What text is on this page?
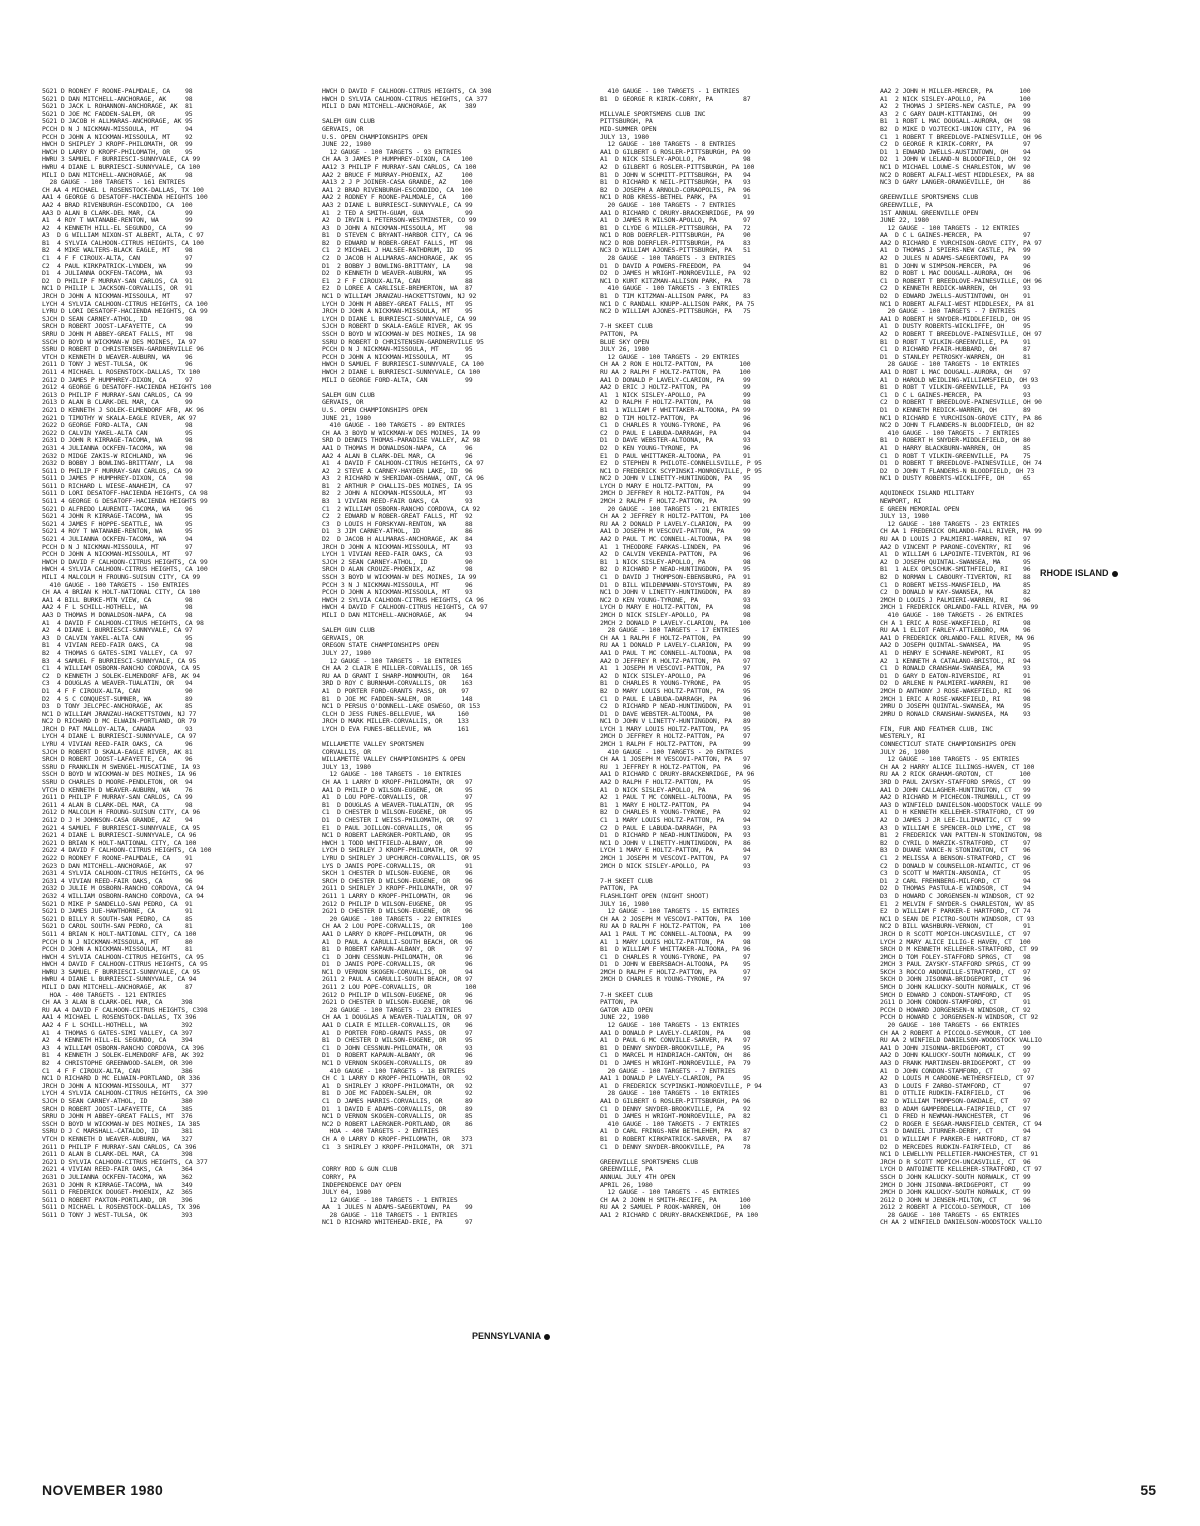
5G21 D RODNEY F ROONE-PALMDALE, CA    98
5G21 D DAN MITCHELL-ANCHORAGE, AK     98
5G21 D JACK L ROHANNON-ANCHORAGE, AK  81
5G21 D JOE MC FADDEN-SALEM, OR        95
5G21 D JACOB H ALLMARAS-ANCHORAGE, AK 95
PCCH D N J NICKMAN-MISSOULA, MT       94
PCCH D JOHN A NICKMAN-MISSOULA, MT    92
HWCH D SHIPLEY J KROPF-PHILOMATH, OR  99
HWCH D LARRY D KROPF-PHILOMATH, OR    95
HWRU 3 SAMUEL F BURRIESCI-SUNNYVALE, CA 99
HWRU 4 DIANE L BURRIESCI-SUNNYVALE, CA 100
MILI D DAN MITCHELL-ANCHORAGE, AK     98
28 GAUGE - 100 TARGETS - 161 ENTRIES
CH AA 4 MICHAEL L ROSENSTOCK-DALLAS, TX 100
AA1 4 GEORGE G DESATOFF-HACIENDA HEIGHTS 100
AA2 4 BRAD RIVENBURGH-ESCONDIDO, CA  100
AA3 D ALAN B CLARK-DEL MAR, CA        99
A1  4 ROY T WATANABE-RENTON, WA       99
A2  4 KENNETH HILL-EL SEGUNDO, CA     99
A3  D G WILLIAM NIXON-ST ALBERT, ALTA, C 97
B1  4 SYLVIA CALHOON-CITRUS HEIGHTS, CA 100
B2  4 MIKE WALTERS-BLACK EAGLE, MT    98
C1  4 F F CIROUX-ALTA, CAN            97
C2  4 PAUL KIRKPATRICK-LYNDEN, WA     99
D1  4 JULIANNA OCKFEN-TACOMA, WA      93
D2  D PHILIP F MURRAY-SAN CARLOS, CA  91
NC1 D PHILIP L JACKSON-CORVALLIS, OR  91
JRCH D JOHN A NICKMAN-MISSOULA, MT    97
LYCH 4 SYLVIA CALHOON-CITRUS HEIGHTS, CA 100
LYRU D LORI DESATOFF-HACIENDA HEIGHTS, CA 99
SJCH D SEAN CARNEY-ATHOL, ID          98
SRCH D ROBERT JOOST-LAFAYETTE, CA     99
SRRU D JOHN M ABBEY-GREAT FALLS, MT   98
SSCH D BOYD W WICKMAN-W DES MOINES, IA 97
SSRU D ROBERT D CHRISTENSEN-GARDNERVILLE 96
VTCH D KENNETH D WEAVER-AUBURN, WA    96
2G11 D TONY J WEST-TULSA, OK          96
2G11 4 MICHAEL L ROSENSTOCK-DALLAS, TX 100
2G12 D JAMES P HUMPHREY-DIXON, CA     97
2G12 4 GEORGE G DESATOFF-HACIENDA HEIGHTS 100
2G13 D PHILIP F MURRAY-SAN CARLOS, CA 99
2G13 D ALAN B CLARK-DEL MAR, CA       99
2G21 D KENNETH J SOLEK-ELMENDORF AFB, AK 96
2G21 D TIMOTHY W SKALA-EAGLE RIVER, AK 97
2G22 D GEORGE FORD-ALTA, CAN          98
2G22 D CALVIN YAKEL-ALTA CAN          95
2G31 D JOHN R KIRRAGE-TACOMA, WA      98
2G31 4 JULIANNA OCKFEN-TACOMA, WA     98
2G32 D MIDGE ZAKIS-W RICHLAND, WA     96
2G32 D BOBBY J BOWLING-BRITTANY, LA   98
5G11 D PHILIP F MURRAY-SAN CARLOS, CA 99
5G11 D JAMES P HUMPHREY-DIXON, CA     98
5G11 D RICHARD L WIESE-ANAHEIM, CA    97
5G11 D LORI DESATOFF-HACIENDA HEIGHTS, CA 98
5G11 4 GEORGE G DESATOFF-HACIENDA HEIGHTS 99
5G21 D ALFREDO LAURENTI-TACOMA, WA    96
5G21 4 JOHN R KIRRAGE-TACOMA, WA      95
5G21 4 JAMES F HOPPE-SEATTLE, WA      95
5G21 4 ROY T WATANABE-RENTON, WA      95
5G21 4 JULIANNA OCKFEN-TACOMA, WA     94
PCCH D N J NICKMAN-MISSOULA, MT       97
PCCH D JOHN A NICKMAN-MISSOULA, MT    97
HWCH D DAVID F CALHOON-CITRUS HEIGHTS, CA 99
HWCH 4 SYLVIA CALHOON-CITRUS HEIGHTS, CA 100
MILI 4 MALCOLM H FROUNG-SUISUN CITY, CA 99
410 GAUGE - 100 TARGETS - 150 ENTRIES
CH AA 4 BRIAN K HOLT-NATIONAL CITY, CA 100
AA1 4 BILL BURKE-MTN VIEW, CA         98
AA2 4 F L SCHILL-HOTHELL, WA          98
AA3 D THOMAS M DONALDSON-NAPA, CA     98
A1  4 DAVID F CALHOON-CITRUS HEIGHTS, CA 98
A2  4 DIANE L BURRIESCI-SUNNYVALE, CA 97
A3  D CALVIN YAKEL-ALTA CAN           95
B1  4 VIVIAN REED-FAIR OAKS, CA       98
B2  4 THOMAS G GATES-SIMI VALLEY, CA  97
B3  4 SAMUEL F BURRIESCI-SUNNYVALE, CA 95
C1  4 WILLIAM OSBORN-RANCHO CORDOVA, CA 95
C2  D KENNETH J SOLEK-ELMENDORF AFB, AK 94
C3  4 DOUGLAS A WEAVER-TUALATIN, OR   94
D1  4 F F CIROUX-ALTA, CAN            90
D2  4 S C CONQUEST-SUMNER, WA         89
D3  D TONY JELCPEC-ANCHORAGE, AK      85
NC1 D WILLIAM JRANZAU-HACKETTSTOWN, NJ 77
NC2 D RICHARD D MC ELWAIN-PORTLAND, OR 79
JRCH D PAT MALLOY-ALTA, CANADA        93
LYCH 4 DIANE L BURRIESCI-SUNNYVALE, CA 97
LYRU 4 VIVIAN REED-FAIR OAKS, CA      96
SJCH D ROBERT D SKALA-EAGLE RIVER, AK 81
SRCH D ROBERT JOOST-LAFAYETTE, CA     96
SSRU D FRANKLIN M SWENGEL-MUSCATINE, IA 93
SSCH D BOYD W WICKMAN-W DES MOINES, IA 96
SSRU D CHARLES D MOORE-PENDLETON, OR  94
VTCH D KENNETH D WEAVER-AUBURN, WA    76
2G11 D PHILIP F MURRAY-SAN CARLOS, CA 99
2G11 4 ALAN B CLARK-DEL MAR, CA       98
2G12 D MALCOLM H FROUNG-SUISUN CITY, CA 96
2G12 D J H JOHNSON-CASA GRANDE, AZ    94
2G21 4 SAMUEL F BURRIESCI-SUNNYVALE, CA 95
2G21 4 DIANE L BURRIESCI-SUNNYVALE, CA 96
2G21 D BRIAN K HOLT-NATIONAL CITY, CA 100
2G22 4 DAVID F CALHOON-CITRUS HEIGHTS, CA 100
2G22 D RODNEY F ROONE-PALMDALE, CA    91
2G23 D DAN MITCHELL-ANCHORAGE, AK     97
2G31 4 SYLVIA CALHOON-CITRUS HEIGHTS, CA 96
2G31 4 VIVIAN REED-FAIR OAKS, CA      96
2G32 D JULIE M OSBORN-RANCHO CORDOVA, CA 94
2G32 4 WILLIAM OSBORN-RANCHO CORDOVA, CA 94
5G21 D MIKE P SANDELLO-SAN PEDRO, CA  91
5G21 D JAMES JUE-HAWTHORNE, CA        91
5G21 D BILLY R SOUTH-SAN PEDRO, CA    85
5G21 D CAROL SOUTH-SAN PEDRO, CA      81
5G11 4 BRIAN K HOLT-NATIONAL CITY, CA 100
PCCH D N J NICKMAN-MISSOULA, MT       80
PCCH D JOHN A NICKMAN-MISSOULA, MT    81
HWCH 4 SYLVIA CALHOON-CITRUS HEIGHTS, CA 95
HWCH 4 DAVID F CALHOON-CITRUS HEIGHTS, CA 95
HWRU 3 SAMUEL F BURRIESCI-SUNNYVALE, CA 95
HWRU 4 DIANE L BURRIESCI-SUNNYVALE, CA 94
MILI D DAN MITCHELL-ANCHORAGE, AK     87
HOA - 400 TARGETS - 121 ENTRIES
CH AA 3 ALAN B CLARK-DEL MAR, CA     398
RU AA 4 DAVID F CALHOON-CITRUS HEIGHTS, C398
AA1 4 MICHAEL L ROSENSTOCK-DALLAS, TX 396
AA2 4 F L SCHILL-HOTHELL, WA         392
A1  4 THOMAS G GATES-SIMI VALLEY, CA 397
A2  4 KENNETH HILL-EL SEGUNDO, CA    394
A3  4 WILLIAM OSBORN-RANCHO CORDOVA, CA 396
B1  4 KENNETH J SOLEK-ELMENDORF AFB, AK 392
B2  4 CHRISTOPHE GREENWOOD-SALEM, OR 390
C1  4 F F CIROUX-ALTA, CAN           386
NC1 D RICHARD D MC ELWAIN-PORTLAND, OR 336
JRCH D JOHN A NICKMAN-MISSOULA, MT   377
LYCH 4 SYLVIA CALHOON-CITRUS HEIGHTS, CA 390
SJCH D SEAN CARNEY-ATHOL, ID         380
SRCH D ROBERT JOOST-LAFAYETTE, CA    385
SRRU D JOHN M ABBEY-GREAT FALLS, MT  376
SSCH D BOYD W WICKMAN-W DES MOINES, IA 385
SSRU D J C MARSHALL-CATALDO, ID      381
VTCH D KENNETH D WEAVER-AUBURN, WA   327
2G11 D PHILIP F MURRAY-SAN CARLOS, CA 396
2G11 D ALAN B CLARK-DEL MAR, CA      398
2G21 D SYLVIA CALHOON-CITRUS HEIGHTS, CA 377
2G21 4 VIVIAN REED-FAIR OAKS, CA     364
2G31 D JULIANNA OCKFEN-TACOMA, WA    362
2G31 D JOHN R KIRRAGE-TACOMA, WA     349
5G11 D FREDERICK DOUGET-PHOENIX, AZ  365
5G11 D ROBERT PAXTON-PORTLAND, OR    396
5G11 D MICHAEL L ROSENSTOCK-DALLAS, TX 396
5G11 D TONY J WEST-TULSA, OK         393
HWCH D DAVID F CALHOON-CITRUS HEIGHTS, CA 398
HWCH D SYLVIA CALHOON-CITRUS HEIGHTS, CA 377
MILI D DAN MITCHELL-ANCHORAGE, AK     389
SALEM GUN CLUB
GERVAIS, OR
U.S. OPEN CHAMPIONSHIPS OPEN
JUNE 22, 1980
12 GAUGE - 100 TARGETS - 93 ENTRIES
CH AA 3 JAMES P HUMPHREY-DIXON, CA   100
AA12 3 PHILIP F MURRAY-SAN CARLOS, CA 100
AA2 2 BRUCE F MURRAY-PHOENIX, AZ     100
AA13 2 J P JOINER-CASA GRANDE, AZ    100
AA1 2 BRAD RIVENBURGH-ESCONDIDO, CA  100
AA2 2 RODNEY F ROONE-PALMDALE, CA    100
AA3 2 DIANE L BURRIESCI-SUNNYVALE, CA 99
A1  2 TED A SMITH-GUAM, GUA           99
A2  D IRVIN L PETERSON-WESTMINSTER, CO 99
A3  D JOHN A NICKMAN-MISSOULA, MT     98
B1  D STEVEN C BRYANT-HARBOR CITY, CA 96
B2  D EDWARD W ROBER-GREAT FALLS, MT  98
C1  2 MICHAEL J HALSEE-RATHDRUM, ID   95
C2  D JACOB H ALLMARAS-ANCHORAGE, AK  95
D1  2 BOBBY J BOWLING-BRITTANY, LA    98
D2  D KENNETH D WEAVER-AUBURN, WA     95
E1  2 F F CIROUX-ALTA, CAN            88
E2  D LOREE A CARLISLE-BREMERTON, WA  87
NC1 D WILLIAM JRANZAU-HACKETTSTOWN, NJ 92
LYCH D JOHN M ABBEY-GREAT FALLS, MT   95
JRCH D JOHN A NICKMAN-MISSOULA, MT    95
LYCH D DIANE L BURRIESCI-SUNNYVALE, CA 99
SJCH D ROBERT D SKALA-EAGLE RIVER, AK 95
SSCH D BOYD W WICKMAN-W DES MOINES, IA 98
SSRU D ROBERT D CHRISTENSEN-GARDNERVILLE 95
PCCH D N J NICKMAN-MISSOULA, MT       95
PCCH D JOHN A NICKMAN-MISSOULA, MT    95
HWCH D SAMUEL F BURRIESCI-SUNNYVALE, CA 100
HWCH 2 DIANE L BURRIESCI-SUNNYVALE, CA 100
MILI D GEORGE FORD-ALTA, CAN          99
SALEM GUN CLUB
GERVAIS, OR
U.S. OPEN CHAMPIONSHIPS OPEN
JUNE 21, 1980
410 GAUGE - 100 TARGETS - 89 ENTRIES
CH AA 3 BOYD W WICKMAN-W DES MOINES, IA 99
SRD D DENNIS THOMAS-PARADISE VALLEY, AZ 98
AA1 D THOMAS M DONALDSON-NAPA, CA     96
AA2 4 ALAN B CLARK-DEL MAR, CA        96
A1  4 DAVID F CALHOON-CITRUS HEIGHTS, CA 97
A2  2 STEVE A CARNEY-HAYDEN LAKE, ID  96
A3  2 RICHARD W SHERIDAN-OSHAWA, ONT, CA 96
B1  2 ARTHUR P CHALLIS-DES MOINES, IA 95
B2  2 JOHN A NICKMAN-MISSOULA, MT     93
B3  1 VIVIAN REED-FAIR OAKS, CA       93
C1  2 WILLIAM OSBORN-RANCHO CORDOVA, CA 92
C2  2 EDWARD W ROBER-GREAT FALLS, MT  92
C3  D LOUIS H FORSKYAN-RENTON, WA     88
D1  3 JIM CARNEY-ATHOL, ID            86
D2  D JACOB H ALLMARAS-ANCHORAGE, AK  84
JRCH D JOHN A NICKMAN-MISSOULA, MT    93
LYCH 1 VIVIAN REED-FAIR OAKS, CA      93
SJCH 2 SEAN CARNEY-ATHOL, ID          90
SRCH D ALAN CROUZE-PHOENIX, AZ        98
SSCH 3 BOYD W WICKMAN-W DES MOINES, IA 99
PCCH 3 N J NICKMAN-MISSOULA, MT       96
PCCH D JOHN A NICKMAN-MISSOULA, MT    93
HWCH 2 SYLVIA CALHOON-CITRUS HEIGHTS, CA 96
HWCH 4 DAVID F CALHOON-CITRUS HEIGHTS, CA 97
MILI D DAN MITCHELL-ANCHORAGE, AK     94
SALEM GUN CLUB
GERVAIS, OR
OREGON STATE CHAMPIONSHIPS OPEN
JULY 27, 1980
12 GAUGE - 100 TARGETS - 18 ENTRIES
CH AA 2 CLAIR E MILLER-CORVALLIS, OR 165
RU AA D GRANT I SHARP-MONMOUTH, OR   164
3RD D ROY C BURNHAM-CORVALLIS, OR    163
A1  D PORTER FORD-GRANTS PASS, OR    97
B1  D JOE MC FADDEN-SALEM, OR        148
NC1 D PERSUS O'DONNELL-LAKE OSWEGO, OR 153
CLCH D JESS FUNES-BELLEVUE, WA      160
JRCH D MARK MILLER-CORVALLIS, OR    133
LYCH D EVA FUNES-BELLEVUE, WA       161
WILLAMETTE VALLEY SPORTSMEN
CORVALLIS, OR
WILLAMETTE VALLEY CHAMPIONSHIPS & OPEN
JULY 13, 1980
12 GAUGE - 100 TARGETS - 10 ENTRIES
CH AA 1 LARRY D KROPF-PHILOMATH, OR   97
AA1 D PHILIP D WILSON-EUGENE, OR      95
A1  D LOU POPE-CORVALLIS, OR          97
B1  D DOUGLAS A WEAVER-TUALATIN, OR   95
C1  D CHESTER D WILSON-EUGENE, OR     95
D1  D CHESTER I WEISS-PHILOMATH, OR   97
E1  D PAUL JOILLON-CORVALLIS, OR      95
NC1 D ROBERT LAERGNER-PORTLAND, OR    95
HWCH 1 TODD WHITFIELD-ALBANY, OR      90
LYCH D SHIRLEY J KROPF-PHILOMATH, OR  97
LYRU D SHIRLEY J UPCHURCH-CORVALLIS, OR 95
LYS D JANIS POPE-CORVALLIS, OR        91
SKCH 1 CHESTER D WILSON-EUGENE, OR    96
SRCH D CHESTER D WILSON-EUGENE, OR    96
2G11 D SHIRLEY J KROPF-PHILOMATH, OR  97
2G11 1 LARRY D KROPF-PHILOMATH, OR    96
2G12 D PHILIP D WILSON-EUGENE, OR     95
2G21 D CHESTER D WILSON-EUGENE, OR    96
20 GAUGE - 100 TARGETS - 22 ENTRIES
CH AA 2 LOU POPE-CORVALLIS, OR       100
AA1 D LARRY D KROPF-PHILOMATH, OR     96
A1  D PAUL A CARULLI-SOUTH BEACH, OR  96
B1  D ROBERT KAPAUN-ALBANY, OR        97
C1  D JOHN CESSNUN-PHILOMATH, OR      96
D1  D JANIS POPE-CORVALLIS, OR        96
NC1 D VERNON SKOGEN-CORVALLIS, OR     94
2G11 2 PAUL A CARULLI-SOUTH BEACH, OR 97
2G11 2 LOU POPE-CORVALLIS, OR         100
2G12 D PHILIP D WILSON-EUGENE, OR     96
2G21 D CHESTER D WILSON-EUGENE, OR    96
28 GAUGE - 100 TARGETS - 23 ENTRIES
CH AA 1 DOUGLAS A WEAVER-TUALATIN, OR 97
AA1 D CLAIR E MILLER-CORVALLIS, OR    96
A1  D PORTER FORD-GRANTS PASS, OR     97
B1  D CHESTER D WILSON-EUGENE, OR     95
C1  D JOHN CESSNUN-PHILOMATH, OR      93
D1  D ROBERT KAPAUN-ALBANY, OR        96
NC1 D VERNON SKOGEN-CORVALLIS, OR     89
410 GAUGE - 100 TARGETS - 18 ENTRIES
CH C 1 LARRY D KROPF-PHILOMATH, OR    92
A1  D SHIRLEY J KROPF-PHILOMATH, OR   92
B1  D JOE MC FADDEN-SALEM, OR         92
C1  D JAMES HARRIS-CORVALLIS, OR      89
D1  1 DAVID E ADAMS-CORVALLIS, OR     89
NC1 D VERNON SKOGEN-CORVALLIS, OR     85
NC2 D ROBERT LAERGNER-PORTLAND, OR    86
HOA - 400 TARGETS - 2 ENTRIES
CH A 0 LARRY D KROPF-PHILOMATH, OR   373
C1  3 SHIRLEY J KROPF-PHILOMATH, OR  371
CORRY ROD & GUN CLUB
CORRY, PA
INDEPENDENCE DAY OPEN
JULY 04, 1980
12 GAUGE - 100 TARGETS - 1 ENTRIES
AA  1 JULES N ADAMS-SAEGERTOWN, PA    99
28 GAUGE - 110 TARGETS - 1 ENTRIES
NC1 D RICHARD WHITEHEAD-ERIE, PA      97
410 GAUGE - 100 TARGETS - 1 ENTRIES
B1  D GEORGE R KIRIK-CORRY, PA        87
MILLVALE SPORTSMENS CLUB INC
PITTSBURGH, PA
MID-SUMMER OPEN
JULY 13, 1980
12 GAUGE - 100 TARGETS - 8 ENTRIES
AA1 D GILBERT G ROSLER-PITTSBURGH, PA 99
A1  D NICK SISLEY-APOLLO, PA          98
A2  D GILBERT G ROSLER-PITTSBURGH, PA 100
B1  D JOHN W SCHMITT-PITTSBURGH, PA   94
B1  D RICHARD K NEIL-PITTSBURGH, PA   93
B2  D JOSEPH A ARNOLD-CORAOPOLIS, PA  96
NC1 D ROB KRESS-BETHEL PARK, PA       91
20 GAUGE - 100 TARGETS - 7 ENTRIES
AA1 D RICHARD C DRURY-BRACKENRIDGE, PA 99
A1  D JAMES R WILSON-APOLLO, PA       97
B1  D CLYDE G MILLER-PITTSBURGH, PA   72
NC1 D ROB DOERFLER-PITTSBURGH, PA     90
NC2 D ROB DOERFLER-PITTSBURGH, PA     83
NC3 D WILLIAM AJONES-PITTSBURGH, PA   51
28 GAUGE - 100 TARGETS - 3 ENTRIES
D1  D DAVID A POWERS-FREEDOM, PA      94
D2  D JAMES H WRIGHT-MONROEVILLE, PA  92
NC1 D KURT KITZMAN-ALLISON PARK, PA   78
410 GAUGE - 100 TARGETS - 3 ENTRIES
B1  D TIM KITZMAN-ALLISON PARK, PA    83
NC1 D C RANDALL KNUPP-ALLISON PARK, PA 75
NC2 D WILLIAM AJONES-PITTSBURGH, PA   75
7-H SKEET CLUB
PATTON, PA
BLUE SKY OPEN
JULY 26, 1980
12 GAUGE - 100 TARGETS - 29 ENTRIES
CH AA 2 RON E HOLTZ-PATTON, PA       100
RU AA 2 RALPH F HOLTZ-PATTON, PA     100
AA1 D DONALD P LAVELY-CLARION, PA     99
AA2 D ERIC J HOLTZ-PATTON, PA         99
A1  1 NICK SISLEY-APOLLO, PA          99
A2  D RALPH F HOLTZ-PATTON, PA        98
B1  1 WILLIAM F WHITTAKER-ALTOONA, PA 99
B2  D TIM HOLTZ-PATTON, PA            96
C1  D CHARLES R YOUNG-TYRONE, PA      96
C2  D PAUL E LABUDA-DARRAGH, PA       94
D1  D DAVE WEBSTER-ALTOONA, PA        93
D2  D KEN YOUNG-TYRONE, PA            96
E1  D PAUL WHITTAKER-ALTOONA, PA      91
E2  D STEPHEN R PHILOTE-CONNELLSVILLE, P 95
NC1 D FREDERICK SCYPINSKI-MONROEVILLE, P 95
NC2 D JOHN V LINETTY-HUNTINGDON, PA   95
LYCH D MARY E HOLTZ-PATTON, PA        99
2MCH D JEFFREY R HOLTZ-PATTON, PA     94
2MCH 2 RALPH F HOLTZ-PATTON, PA       99
20 GAUGE - 100 TARGETS - 21 ENTRIES
CH AA 2 JEFFREY R HOLTZ-PATTON, PA   100
RU AA 2 DONALD P LAVELY-CLARION, PA   99
AA1 D JOSEPH M VESCOVI-PATTON, PA     99
AA2 D PAUL T MC CONNELL-ALTOONA, PA   98
A1  1 THEODORE FARKAS-LINDEN, PA      96
A2  D CALVIN VEKENIA-PATTON, PA       96
B1  1 NICK SISLEY-APOLLO, PA          98
B2  D RICHARD P NEAD-HUNTINGDON, PA   95
C1  D DAVID J THOMPSON-EBENSBURG, PA  91
D1  D BILL WILDENMANN-STOYSTOWN, PA   89
NC1 D JOHN V LINETTY-HUNTINGDON, PA   89
NC2 D KEN YOUNG-TYRONE, PA            93
LYCH D MARY E HOLTZ-PATTON, PA        98
2MCH D NICK SISLEY-APOLLO, PA         98
2MCH 2 DONALD P LAVELY-CLARION, PA   100
28 GAUGE - 100 TARGETS - 17 ENTRIES
CH AA 1 RALPH F HOLTZ-PATTON, PA      99
RU AA 1 DONALD P LAVELY-CLARION, PA   99
AA1 D PAUL T MC CONNELL-ALTOONA, PA   98
AA2 D JEFFREY R HOLTZ-PATTON, PA      97
A1  1 JOSEPH M VESCOVI-PATTON, PA     97
A2  D NICK SISLEY-APOLLO, PA          96
B1  D CHARLES R YOUNG-TYRONE, PA      95
B2  D MARY LOUIS HOLTZ-PATTON, PA     95
C1  D PAUL E LABUDA-DARRAGH, PA       96
C2  D RICHARD P NEAD-HUNTINGDON, PA   91
D1  D DAVE WEBSTER-ALTOONA, PA        90
NC1 D JOHN V LINETTY-HUNTINGDON, PA   89
LYCH 1 MARY LOUIS HOLTZ-PATTON, PA    95
2MCH D JEFFREY R HOLTZ-PATTON, PA     97
2MCH 1 RALPH F HOLTZ-PATTON, PA       99
410 GAUGE - 100 TARGETS - 20 ENTRIES
CH AA 1 JOSEPH M VESCOVI-PATTON, PA   97
RU  1 JEFFREY R HOLTZ-PATTON, PA      96
AA1 D RICHARD C DRURY-BRACKENRIDGE, PA 96
AA2 D RALPH F HOLTZ-PATTON, PA        95
A1  D NICK SISLEY-APOLLO, PA          96
A2  1 PAUL T MC CONNELL-ALTOONA, PA   95
B1  1 MARY E HOLTZ-PATTON, PA         94
B2  D CHARLES R YOUNG-TYRONE, PA      92
C1  1 MARY LOUIS HOLTZ-PATTON, PA     94
C2  D PAUL E LABUDA-DARRAGH, PA       93
D1  D RICHARD P NEAD-HUNTINGDON, PA   93
NC1 D JOHN V LINETTY-HUNTINGDON, PA   86
LYCH 1 MARY E HOLTZ-PATTON, PA        94
2MCH 1 JOSEPH M VESCOVI-PATTON, PA    97
2MCH D NICK SISLEY-APOLLO, PA         93
7-H SKEET CLUB
PATTON, PA
FLASHLIGHT OPEN (NIGHT SHOOT)
JULY 16, 1980
12 GAUGE - 100 TARGETS - 15 ENTRIES
CH AA 2 JOSEPH M VESCOVI-PATTON, PA  100
RU AA D RALPH F HOLTZ-PATTON, PA     100
AA1 1 PAUL T MC CONNELL-ALTOONA, PA   99
A1  1 MARY LOUIS HOLTZ-PATTON, PA     98
B1  D WILLIAM F WHITTAKER-ALTOONA, PA 96
C1  D CHARLES R YOUNG-TYRONE, PA      97
D1  D JOHN W EBERSBACH-ALTOONA, PA    95
2MCH D RALPH F HOLTZ-PATTON, PA       97
2MCH D CHARLES R YOUNG-TYRONE, PA     97
7-H SKEET CLUB
PATTON, PA
GATOR AID OPEN
JUNE 22, 1980
12 GAUGE - 100 TARGETS - 13 ENTRIES
AA1 D DONALD P LAVELY-CLARION, PA     98
A1  D PAUL G MC CONVILLE-SARVER, PA   97
B1  D DENNY SNYDER-BROOKVILLE, PA     95
C1  D MARCEL M HINDRIACH-CANTON, OH   86
D1  D JAMES H WRIGHT-MONROEVILLE, PA  79
20 GAUGE - 100 TARGETS - 7 ENTRIES
AA1 1 DONALD P LAVELY-CLARION, PA     95
A1  D FREDERICK SCYPINSKI-MONROEVILLE, P 94
28 GAUGE - 100 TARGETS - 10 ENTRIES
AA1 D GILBERT G ROSLER-PITTSBURGH, PA 96
C1  D DENNY SNYDER-BROOKVILLE, PA     92
D1  D JAMES H WRIGHT-MONROEVILLE, PA  82
410 GAUGE - 100 TARGETS - 7 ENTRIES
A1  D CARL FRINGS-NEW BETHLEHEM, PA   87
B1  D ROBERT KIRKPATRICK-SARVER, PA   87
C1  D DENNY SNYDER-BROOKVILLE, PA     78
GREENVILLE SPORTSMENS CLUB
GREENVILLE, PA
ANNUAL JULY 4TH OPEN
APRIL 26, 1980
12 GAUGE - 100 TARGETS - 45 ENTRIES
CH AA 2 JOHN H SMITH-RECIFE, PA      100
RU AA 2 SAMUEL P ROOK-WARREN, OH     100
AA1 2 RICHARD C DRURY-BRACKENRIDGE, PA 100
AA2 2 JOHN H MILLER-MERCER, PA       100
A1  2 NICK SISLEY-APOLLO, PA         100
A2  2 THOMAS J SPIERS-NEW CASTLE, PA  99
A3  2 C GARY DAUM-KITTANING, OH       99
B1  1 ROBT L MAC DOUGALL-AURORA, OH   98
B2  D MIKE D VOJTECKI-UNION CITY, PA  96
C1  1 ROBERT T BREEDLOVE-PAINESVILLE, OH 96
C2  D GEORGE R KIRIK-CORRY, PA        97
D1  1 EDWARD JWELLS-AUSTINTOWN, OH    94
D2  1 JOHN W LELAND-N BLOODFIELD, OH  92
NC1 D MICHAEL LOUWE-S CHARLESTON, WV  90
NC2 D ROBERT ALFALI-WEST MIDDLESEX, PA 88
NC3 D GARY LANGER-ORANGEVILLE, OH     86
GREENVILLE SPORTSMENS CLUB
GREENVILLE, PA
1ST ANNUAL GREENVILLE OPEN
JUNE 22, 1980
12 GAUGE - 100 TARGETS - 12 ENTRIES
AA  D C L GAINES-MERCER, PA           97
AA2 D RICHARD E YURCHISON-GROVE CITY, PA 97
A1  D THOMAS J SPIERS-NEW CASTLE, PA  99
A2  D JULES N ADAMS-SAEGERTOWN, PA    99
B1  D JOHN W SIMPSON-MERCER, PA       96
B2  D ROBT L MAC DOUGALL-AURORA, OH   96
C1  D ROBERT T BREEDLOVE-PAINESVILLE, OH 96
C2  D KENNETH REDICK-WARREN, OH       93
D2  D EDWARD JWELLS-AUSTINTOWN, OH    91
NC1 D ROBERT ALFALI-WEST MIDDLESEX, PA 81
20 GAUGE - 100 TARGETS - 7 ENTRIES
AA1 D ROBERT H SNYDER-MIDDLEFIELD, OH 95
A1  D DUSTY ROBERTS-WICKLIFFE, OH     95
A2  D ROBERT T BREEDLOVE-PAINESVILLE, OH 97
B1  D ROBT T VILKIN-GREENVILLE, PA    91
C1  D RICHARD PFAIR-HUBBARD, OH       87
D1  D STANLEY PETROSKY-WARREN, OH     81
28 GAUGE - 100 TARGETS - 10 ENTRIES
AA1 D ROBT L MAC DOUGALL-AURORA, OH   97
A1  D HAROLD WEIDLING-WILLIAMSFIELD, OH 93
B1  D ROBT T VILKIN-GREENVILLE, PA    93
C1  D C L GAINES-MERCER, PA           93
C2  D ROBERT T BREEDLOVE-PAINESVILLE, OH 90
D1  D KENNETH REDICK-WARREN, OH       89
NC1 D RICHARD E YURCHISON-GROVE CITY, PA 86
NC2 D JOHN T FLANDERS-N BLOODFIELD, OH 82
410 GAUGE - 100 TARGETS - 7 ENTRIES
B1  D ROBERT H SNYDER-MIDDLEFIELD, OH 80
A1  D HARRY BLACKBURN-WARREN, OH      85
C1  D ROBT T VILKIN-GREENVILLE, PA    75
D1  D ROBERT T BREEDLOVE-PAINESVILLE, OH 74
D2  D JOHN T FLANDERS-N BLOODFIELD, OH 73
NC1 D DUSTY ROBERTS-WICKLIFFE, OH     65
AQUIDNECK ISLAND MILITARY
NEWPORT, RI
E GREEN MEMORIAL OPEN
JULY 13, 1980
12 GAUGE - 100 TARGETS - 23 ENTRIES
CH AA 1 FREDERICK ORLANDO-FALL RIVER, MA 99
RU AA D LOUIS J PALMIERI-WARREN, RI   97
AA2 D VINCENT P PARONE-COVENTRY, RI   96
A1  D WILLIAM G LAPOINTE-TIVERTON, RI 96
A2  D JOSEPH QUINTAL-SWANSEA, MA      95
B1  1 ALEX OPLSCHUK-SMITHFIELD, RI    96
B2  D NORMAN L CABOURY-TIVERTON, RI   88
C1  D ROBERT WEISS-MANSFIELD, MA      85
C2  D DONALD W KAY-SWANSEA, MA        82
2MCH D LOUIS J PALMIERI-WARREN, RI    96
2MCH 1 FREDERICK ORLANDO-FALL RIVER, MA 99
410 GAUGE - 100 TARGETS - 26 ENTRIES
CH A 1 ERIC A ROSE-WAKEFIELD, RI      98
RU AA 1 ELIOT FARLEY-ATTLEBORO, MA    96
AA1 D FREDERICK ORLANDO-FALL RIVER, MA 96
AA2 D JOSEPH QUINTAL-SWANSEA, MA      95
A1  D HENRY E SCHNARE-NEWPORT, RI     95
A2  1 KENNETH A CATALANO-BRISTOL, RI  94
C1  D RONALD CRANSHAW-SWANSEA, MA     93
D1  D GARY D EATON-RIVERSIDE, RI      91
D2  D ARLENE N PALMIERI-WARREN, RI    90
2MCH D ANTHONY J ROSE-WAKEFIELD, RI   96
2MCH 1 ERIC A ROSE-WAKEFIELD, RI      98
2MRU D JOSEPH QUINTAL-SWANSEA, MA     95
2MRU D RONALD CRANSHAW-SWANSEA, MA    93
FIN, FUR AND FEATHER CLUB, INC
WESTERLY, RI
CONNECTICUT STATE CHAMPIONSHIPS OPEN
JULY 26, 1980
12 GAUGE - 100 TARGETS - 95 ENTRIES
CH AA 2 HARRY ALICE ILLINGS-HAVEN, CT 100
RU AA 2 RICK GRAHAM-GROTON, CT       100
3RD D PAUL ZAYSKY-STAFFORD SPRGS, CT  99
AA1 D JOHN CALLAGHER-HUNTINGTON, CT   99
AA2 D RICHARD M PICHECON-TRUMBULL, CT 99
AA3 D WINFIELD DANIELSON-WOODSTOCK VALLE 99
A1  D H KENNETH KELLEHER-STRATFORD, CT 99
A2  D JAMES J JR LEE-ILLIMANTIC, CT   99
A3  D WILLIAM E SPENCER-OLD LYME, CT  98
B1  2 FREDERICK VAN PATTEN-N STONINGTON, 98
B2  D CYRIL D MARZIK-STRATFORD, CT    97
B3  D DUANE VANCE-N STONINGTON, CT    96
C1  2 MELISSA A BENSON-STRATFORD, CT  96
C2  D DONALD W COUNSELLOR-NIANTIC, CT 96
C3  D SCOTT W MARTIN-ANSONIA, CT      95
D1  2 CARL FREHNBERG-MILFORD, CT      94
D2  D THOMAS PASTULA-E WINDSOR, CT    94
D3  D HOWARD C JORGENSEN-N WINDSOR, CT 92
E1  2 MELVIN F SNYDER-S CHARLESTON, WV 85
E2  D WILLIAM F PARKER-E HARTFORD, CT 74
NC1 D SEAN DE PICTRO-SOUTH WINDSOR, CT 93
NC2 D BILL WASHBURN-VERNON, CT        91
JRCH D R SCOTT MOPICH-UNCASVILLE, CT  97
LYCH 2 MARY ALICE ILLIG-E HAVEN, CT  100
SRCH D M KENNETH KELLEHER-STRATFORD, CT 99
2MCH D TOM FOLEY-STAFFORD SPRGS, CT   98
2MCH 3 PAUL ZAYSKY-STAFFORD SPRGS, CT 99
5KCH 3 ROCCO ANDONILLE-STRATFORD, CT  97
5KCH D JOHN JISONNA-BRIDGEPORT, CT    96
5MCH D JOHN KALUCKY-SOUTH NORWALK, CT 96
5MCH D EDWARD J CONDON-STAMFORD, CT   95
2G11 D JOHN CONDON-STAMFORD, CT       91
PCCH D HOWARD JORGENSEN-N WINDSOR, CT 92
PCCH D HOWARD C JORGENSEN-N WINDSOR, CT 92
20 GAUGE - 100 TARGETS - 66 ENTRIES
CH AA 2 ROBERT A PICCOLO-SEYMOUR, CT 100
RU AA 2 WINFIELD DANIELSON-WOODSTOCK VALLIO
AA1 D JOHN JISONNA-BRIDGEPORT, CT     99
AA2 D JOHN KALUCKY-SOUTH NORWALK, CT  99
AA3 D FRANK MARTINSEN-BRIDGEPORT, CT  99
A1  D JOHN CONDON-STAMFORD, CT        97
A2  D LOUIS M CARDONE-WETHERSFIELD, CT 97
A3  D LOUIS F ZARBO-STAMFORD, CT      97
B1  D OTTLIE RUDKIN-FAIRFIELD, CT     96
B2  D WILLIAM THOMPSON-OAKDALE, CT    97
B3  D ADAM GAMPERDELLA-FAIRFIELD, CT  97
C1  D FRED H NEWMAN-MANCHESTER, CT    96
C2  D ROGER E SEGAR-MANSFIELD CENTER, CT 94
C3  D DANIEL JTURNER-DERBY, CT        94
D1  D WILLIAM F PARKER-E HARTFORD, CT 87
D2  D MERCEDES RUDKIN-FAIRFIELD, CT   86
NC1 D LEWELLYN PELLETIER-MANCHESTER, CT 91
JRCH D R SCOTT MOPICH-UNCASVILLE, CT  96
LYCH D ANTOINETTE KELLEHER-STRATFORD, CT 97
SSCH D JOHN KALUCKY-SOUTH NORWALK, CT 99
2MCH D JOHN JISONNA-BRIDGEPORT, CT    99
2MCH D JOHN KALUCKY-SOUTH NORWALK, CT 99
2G12 D JOHN W JENSEN-MILTON, CT       96
2G12 2 ROBERT A PICCOLO-SEYMOUR, CT  100
28 GAUGE - 100 TARGETS - 65 ENTRIES
CH AA 2 WINFIELD DANIELSON-WOODSTOCK VALLIO
PENNSYLVANIA
RHODE ISLAND
NOVEMBER 1980	55
